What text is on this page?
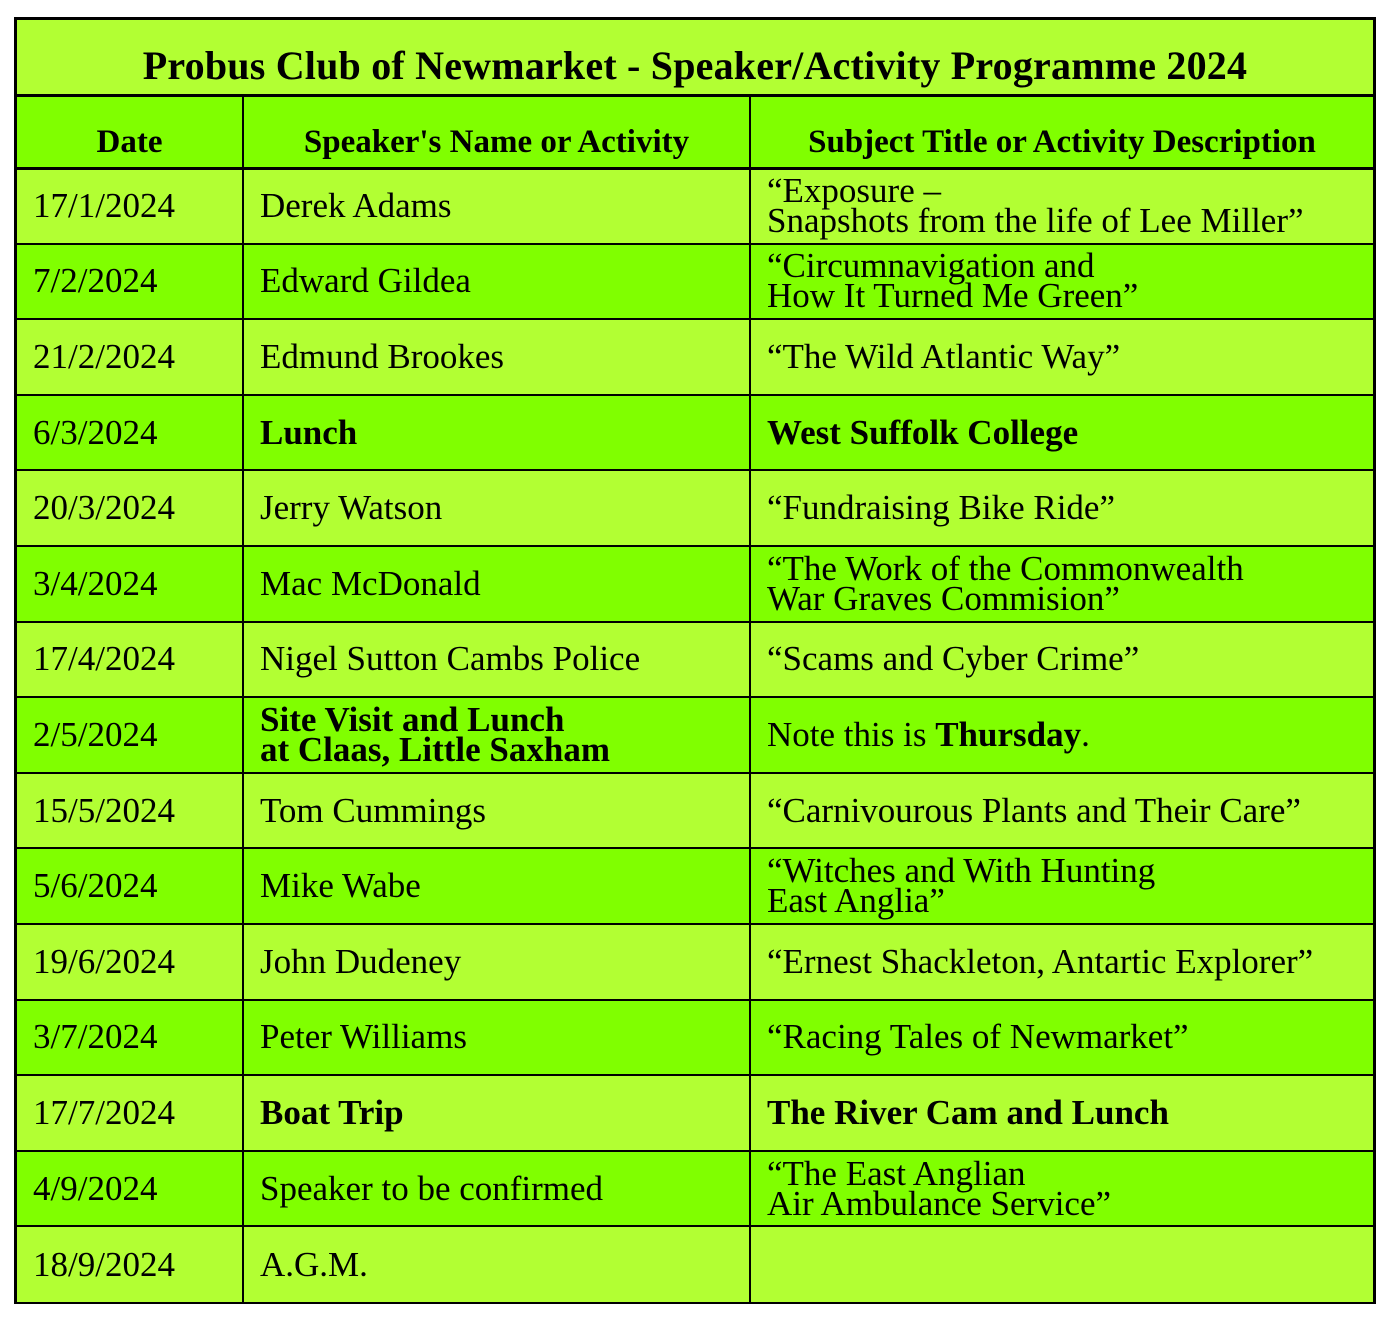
Probus Club of Newmarket - Speaker/Activity Programme 2024
Date	Speaker's Name or Activity	Subject Title or Activity Description
17/1/2024	Derek Adams	“Exposure –
Snapshots from the life of Lee Miller”

7/2/2024	Edward Gildea	“Circumnavigation and
How It Turned Me Green”

21/2/2024	Edmund Brookes	“The Wild Atlantic Way”
6/3/2024	Lunch	West Suffolk College
20/3/2024	Jerry Watson	“Fundraising Bike Ride”
3/4/2024	Mac McDonald	“The Work of the Commonwealth
War Graves Commision”

17/4/2024	Nigel Sutton Cambs Police	“Scams and Cyber Crime”
2/5/2024	Site Visit and Lunch
at Claas, Little Saxham	Note this is Thursday.
15/5/2024	Tom Cummings	“Carnivourous Plants and Their Care”
5/6/2024	Mike Wabe	“Witches and With Hunting
East Anglia”

19/6/2024	John Dudeney	“Ernest Shackleton, Antartic Explorer”
3/7/2024	Peter Williams	“Racing Tales of Newmarket”
17/7/2024	Boat Trip	The River Cam and Lunch
4/9/2024	Speaker to be confirmed	“The East Anglian
Air Ambulance Service”

18/9/2024	A.G.M.	
